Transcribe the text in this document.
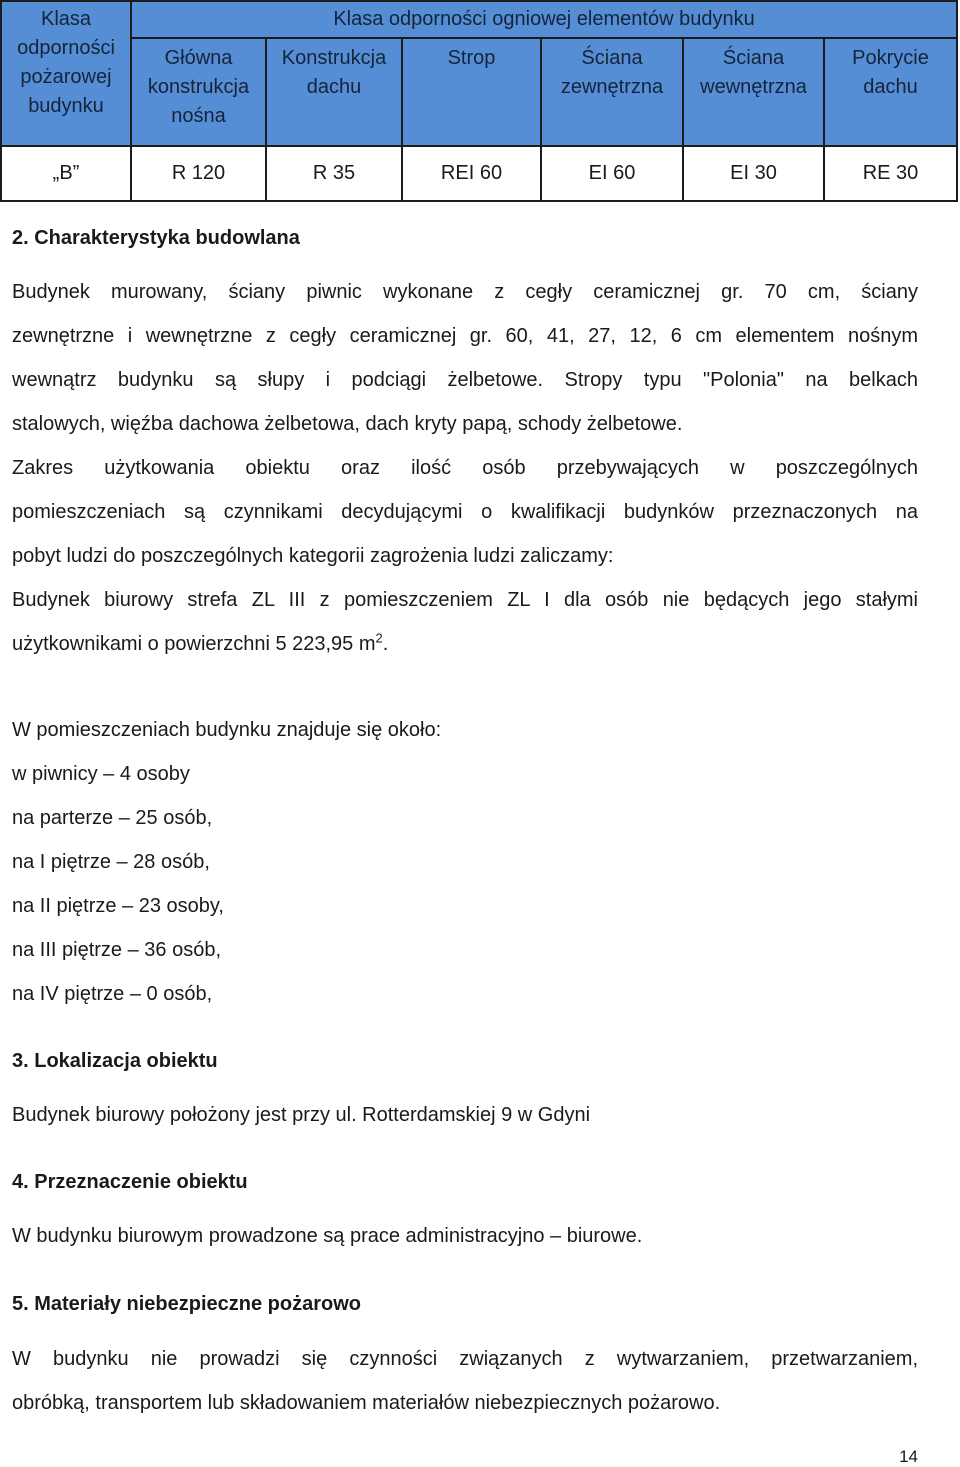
Klasa odporności pożarowej budynku	Klasa odporności ogniowej elementów budynku					
	Główna konstrukcja nośna	Konstrukcja dachu	Strop	Ściana zewnętrzna	Ściana wewnętrzna	Pokrycie dachu
„B”	R 120	R 35	REI 60	EI 60	EI 30	RE 30
2. Charakterystyka budowlana
Budynek murowany, ściany piwnic wykonane z cegły ceramicznej gr. 70 cm, ściany
zewnętrzne i wewnętrzne z cegły ceramicznej gr. 60, 41, 27, 12, 6 cm elementem nośnym
wewnątrz budynku są słupy i podciągi żelbetowe. Stropy typu "Polonia" na belkach
stalowych, więźba dachowa żelbetowa, dach kryty papą, schody żelbetowe.
Zakres użytkowania obiektu oraz ilość osób przebywających w poszczególnych
pomieszczeniach są czynnikami decydującymi o kwalifikacji budynków przeznaczonych na
pobyt ludzi do poszczególnych kategorii zagrożenia ludzi zaliczamy:
Budynek biurowy strefa ZL III z pomieszczeniem ZL I dla osób nie będących jego stałymi
użytkownikami o powierzchni 5 223,95 $m^2$.
W pomieszczeniach budynku znajduje się około:
w piwnicy – 4 osoby
na parterze – 25 osób,
na I piętrze – 28 osób,
na II piętrze – 23 osoby,
na III piętrze – 36 osób,
na IV piętrze – 0 osób,
3. Lokalizacja obiektu
Budynek biurowy położony jest przy ul. Rotterdamskiej 9 w Gdyni
4. Przeznaczenie obiektu
W budynku biurowym prowadzone są prace administracyjno – biurowe.
5. Materiały niebezpieczne pożarowo
W budynku nie prowadzi się czynności związanych z wytwarzaniem, przetwarzaniem,
obróbką, transportem lub składowaniem materiałów niebezpiecznych pożarowo.
14
